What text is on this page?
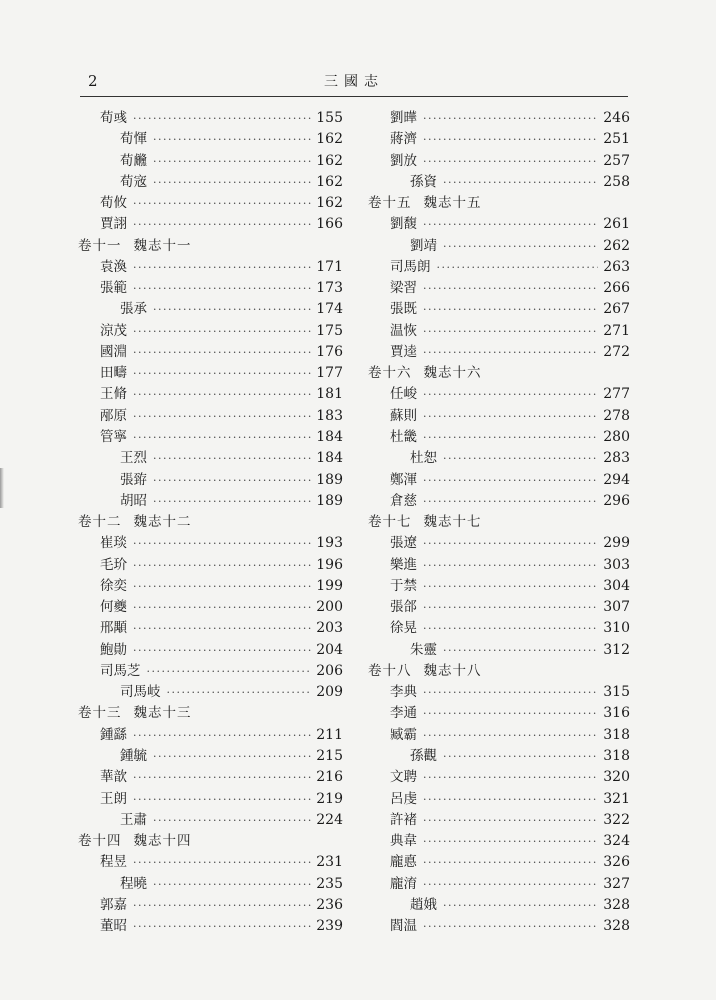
2	三國志
荀彧 ·····	155
荀惲 ·····	162
荀虪 ·····	162
荀宼 ·····	162
荀攸 ·····	162
賈詡 ·····	166
卷十一 魏志十一
袁渙 ·····	171
張範 ·····	173
張承 ·····	174
涼茂 ·····	175
國淵 ·····	176
田疇 ·····	177
王脩 ·····	181
邴原 ·····	183
管寧 ·····	184
王烈 ·····	184
張臶 ·····	189
胡昭 ·····	189
卷十二 魏志十二
崔琰 ·····	193
毛玠 ·····	196
徐奕 ·····	199
何夔 ·····	200
邢顒 ·····	203
鮑勛 ·····	204
司馬芝 ·····	206
司馬岐 ·····	209
卷十三 魏志十三
鍾繇 ·····	211
鍾毓 ·····	215
華歆 ·····	216
王朗 ·····	219
王肅 ·····	224
卷十四 魏志十四
程昱 ·····	231
程曉 ·····	235
郭嘉 ·····	236
董昭 ·····	239
劉曄 ·····	246
蔣濟 ·····	251
劉放 ·····	257
孫資 ·····	258
卷十五 魏志十五
劉馥 ·····	261
劉靖 ·····	262
司馬朗 ·····	263
梁習 ·····	266
張既 ·····	267
温恢 ·····	271
賈逵 ·····	272
卷十六 魏志十六
任峻 ·····	277
蘇則 ·····	278
杜畿 ·····	280
杜恕 ·····	283
鄭渾 ·····	294
倉慈 ·····	296
卷十七 魏志十七
張遼 ·····	299
樂進 ·····	303
于禁 ·····	304
張郃 ·····	307
徐晃 ·····	310
朱靈 ·····	312
卷十八 魏志十八
李典 ·····	315
李通 ·····	316
臧霸 ·····	318
孫觀 ·····	318
文聘 ·····	320
呂虔 ·····	321
許褚 ·····	322
典韋 ·····	324
龐悳 ·····	326
龐淯 ·····	327
趙娥 ·····	328
閻温 ·····	328
